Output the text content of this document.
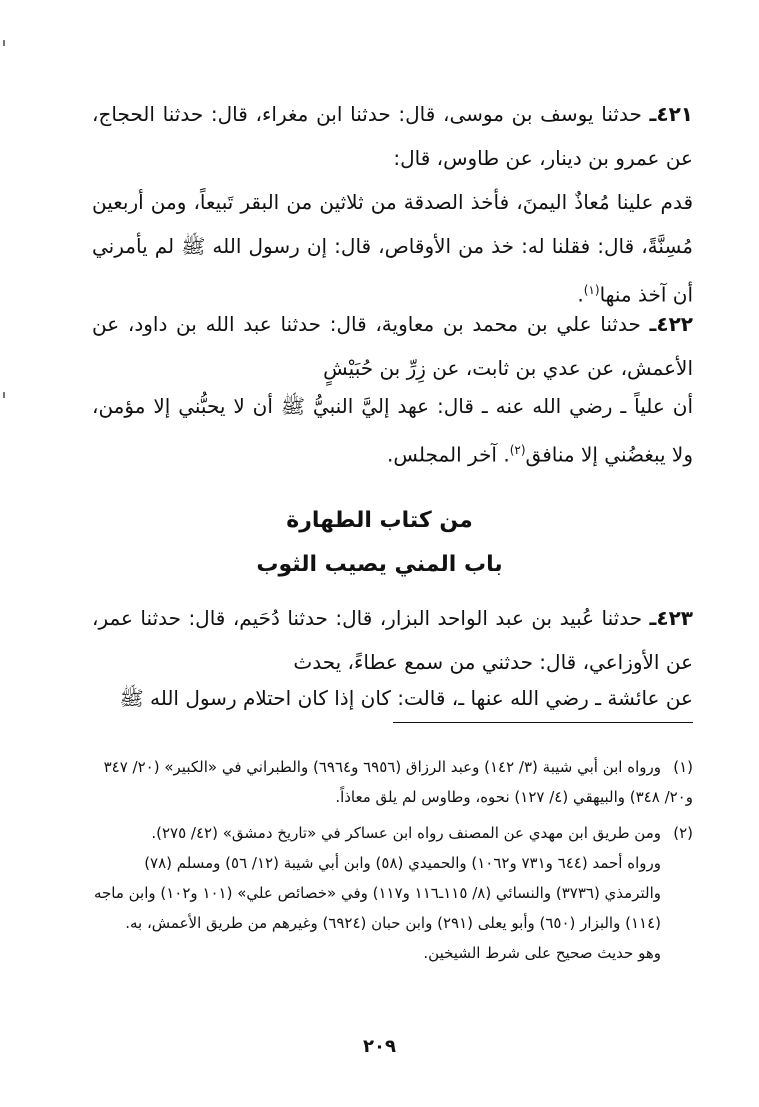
٤٢١ـ حدثنا يوسف بن موسى، قال: حدثنا ابن مغراء، قال: حدثنا الحجاج، عن عمرو بن دينار، عن طاوس، قال:

قدم علينا مُعاذٌ اليمنَ، فأخذ الصدقة من ثلاثين من البقر تَبيعاً، ومن أربعين مُسِنَّةً، قال: فقلنا له: خذ من الأوقاص، قال: إن رسول الله ﷺ لم يأمرني أن آخذ منها$^{(١)}$.

٤٢٢ـ حدثنا علي بن محمد بن معاوية، قال: حدثنا عبد الله بن داود، عن الأعمش، عن عدي بن ثابت، عن زِرِّ بن حُبَيْشٍ

أن علياً ـ رضي الله عنه ـ قال: عهد إليَّ النبيُّ ﷺ أن لا يحبُّني إلا مؤمن، ولا يبغضُني إلا منافق$^{(٢)}$. آخر المجلس.

من كتاب الطهارة
باب المني يصيب الثوب

٤٢٣ـ حدثنا عُبيد بن عبد الواحد البزار، قال: حدثنا دُحَيم، قال: حدثنا عمر، عن الأوزاعي، قال: حدثني من سمع عطاءً، يحدث

عن عائشة ـ رضي الله عنها ـ، قالت: كان إذا كان احتلام رسول الله ﷺ

(١)ورواه ابن أبي شيبة (٣/ ١٤٢) وعبد الرزاق (٦٩٥٦ و٦٩٦٤) والطبراني في «الكبير» (٢٠/ ٣٤٧ و٢٠/ ٣٤٨) والبيهقي (٤/ ١٢٧) نحوه، وطاوس لم يلق معاذاً.
(٢)ومن طريق ابن مهدي عن المصنف رواه ابن عساكر في «تاريخ دمشق» (٤٢/ ٢٧٥).
ورواه أحمد (٦٤٤ و٧٣١ و١٠٦٢) والحميدي (٥٨) وابن أبي شيبة (١٢/ ٥٦) ومسلم (٧٨) والترمذي (٣٧٣٦) والنسائي (٨/ ١١٥ـ١١٦ و١١٧) وفي «خصائص علي» (١٠١ و١٠٢) وابن ماجه (١١٤) والبزار (٦٥٠) وأبو يعلى (٢٩١) وابن حبان (٦٩٢٤) وغيرهم من طريق الأعمش، به.
وهو حديث صحيح على شرط الشيخين.
٢٠٩
